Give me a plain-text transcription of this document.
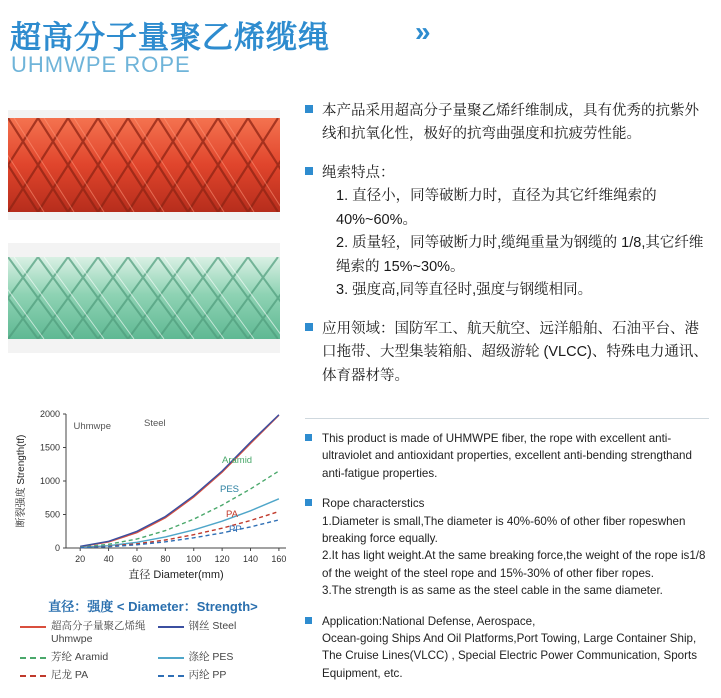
超高分子量聚乙烯缆绳	»
UHMWPE ROPE
0
500
1000
1500
2000
20 40 60 80 100 120 140 160
直径 Diameter(mm)
断裂强度 Strength(tf)
Uhmwpe	Steel
Aramid
PES
PA
PP
直径：强度 < Diameter：Strength>
超高分子量聚乙烯绳
Uhmwpe
钢丝 Steel
芳纶 Aramid	涤纶 PES
尼龙 PA	丙纶 PP
本产品采用超高分子量聚乙烯纤维制成，具有优秀的抗紫外线和抗氧化性，极好的抗弯曲强度和抗疲劳性能。
绳索特点：
1. 直径小，同等破断力时，直径为其它纤维绳索的40%~60%。
2. 质量轻，同等破断力时,缆绳重量为钢缆的 1/8,其它纤维绳索的 15%~30%。
3. 强度高,同等直径时,强度与钢缆相同。
应用领域：国防军工、航天航空、远洋船舶、石油平台、港口拖带、大型集装箱船、超级游轮 (VLCC)、特殊电力通讯、体育器材等。
This product is made of UHMWPE fiber, the rope with excellent anti-ultraviolet and antioxidant properties, excellent anti-bending strengthand anti-fatigue properties.
Rope characterstics
1.Diameter is small,The diameter is 40%-60% of other fiber ropeswhen breaking force equally.
2.It has light weight.At the same breaking force,the weight of the rope is1/8 of the weight of the steel rope and 15%-30% of other fiber ropes.
3.The strength is as same as the steel cable in the same diameter.
Application:National Defense, Aerospace,
Ocean-going Ships And Oil Platforms,Port Towing, Large Container Ship, The Cruise Lines(VLCC) , Special Electric Power Communication, Sports Equipment, etc.
